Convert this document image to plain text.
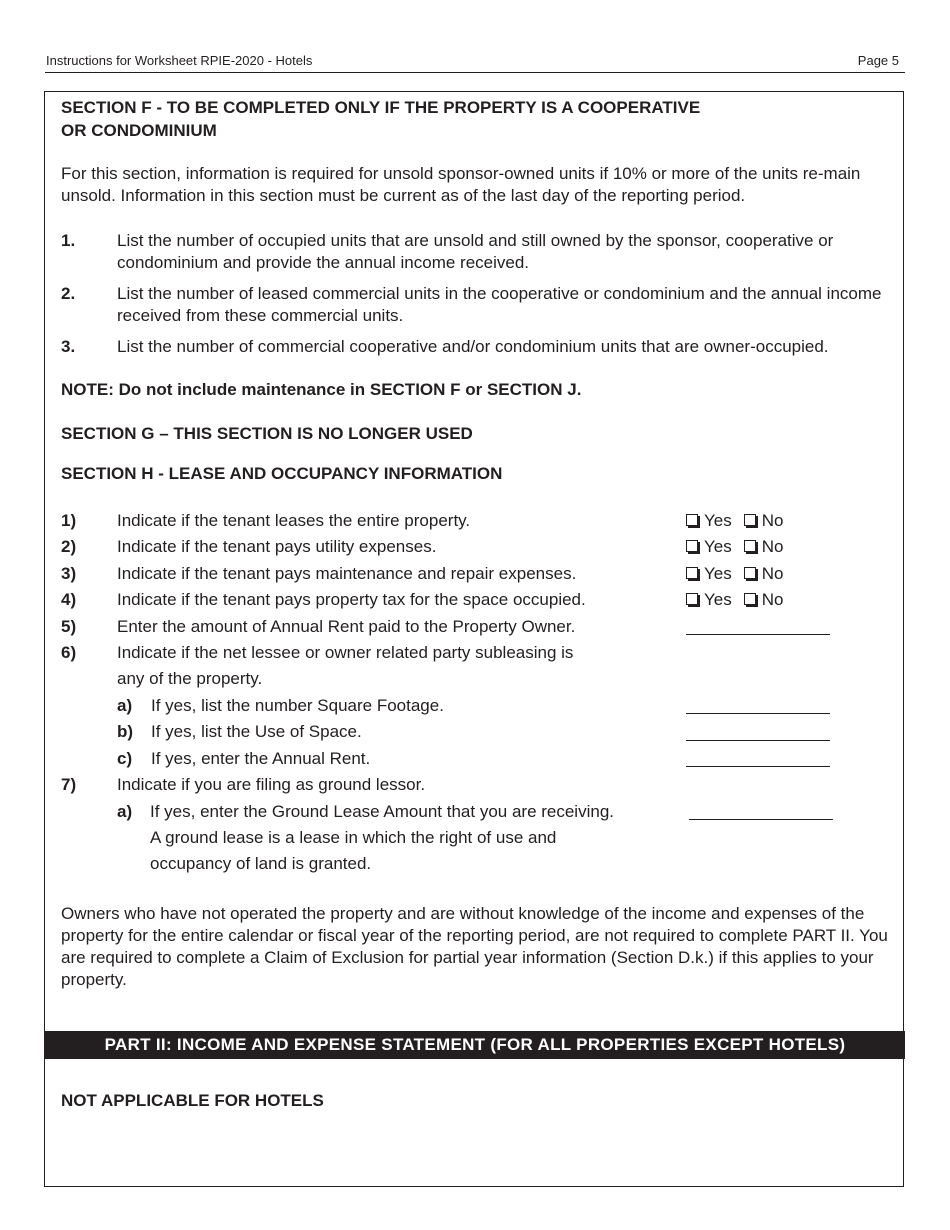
Instructions for Worksheet RPIE-2020 - Hotels	Page 5
SECTION F - TO BE COMPLETED ONLY IF THE PROPERTY IS A COOPERATIVE
OR CONDOMINIUM
For this section, information is required for unsold sponsor-owned units if 10% or more of the units re-main unsold. Information in this section must be current as of the last day of the reporting period.
1. List the number of occupied units that are unsold and still owned by the sponsor, cooperative or condominium and provide the annual income received.
2. List the number of leased commercial units in the cooperative or condominium and the annual income received from these commercial units.
3. List the number of commercial cooperative and/or condominium units that are owner-occupied.
NOTE: Do not include maintenance in SECTION F or SECTION J.
SECTION G – THIS SECTION IS NO LONGER USED
SECTION H - LEASE AND OCCUPANCY INFORMATION
1) Indicate if the tenant leases the entire property.	Yes No
2) Indicate if the tenant pays utility expenses.	Yes No
3) Indicate if the tenant pays maintenance and repair expenses.	Yes No
4) Indicate if the tenant pays property tax for the space occupied.	Yes No
5) Enter the amount of Annual Rent paid to the Property Owner.
6) Indicate if the net lessee or owner related party subleasing is
any of the property.
a) If yes, list the number Square Footage.
b) If yes, list the Use of Space.
c) If yes, enter the Annual Rent.
7) Indicate if you are filing as ground lessor.
a) If yes, enter the Ground Lease Amount that you are receiving.
A ground lease is a lease in which the right of use and
occupancy of land is granted.
Owners who have not operated the property and are without knowledge of the income and expenses of the property for the entire calendar or fiscal year of the reporting period, are not required to complete PART II. You are required to complete a Claim of Exclusion for partial year information (Section D.k.) if this applies to your property.
PART II: INCOME AND EXPENSE STATEMENT (FOR ALL PROPERTIES EXCEPT HOTELS)
NOT APPLICABLE FOR HOTELS
